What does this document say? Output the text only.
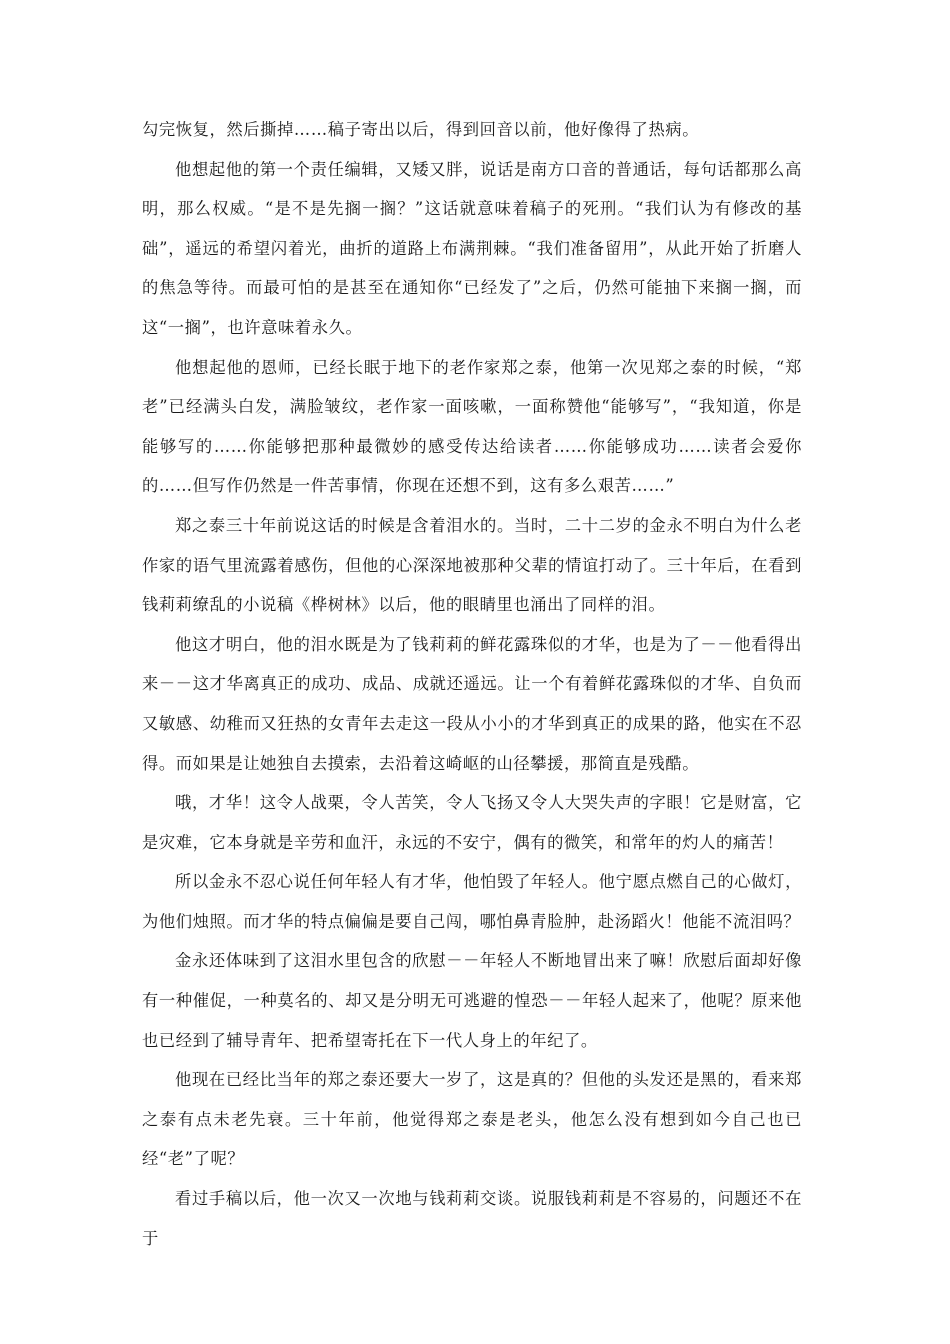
勾完恢复，然后撕掉……稿子寄出以后，得到回音以前，他好像得了热病。

他想起他的第一个责任编辑，又矮又胖，说话是南方口音的普通话，每句话都那么高明，那么权威。“是不是先搁一搁？”这话就意味着稿子的死刑。“我们认为有修改的基础”，遥远的希望闪着光，曲折的道路上布满荆棘。“我们准备留用”，从此开始了折磨人的焦急等待。而最可怕的是甚至在通知你“已经发了”之后，仍然可能抽下来搁一搁，而这“一搁”，也许意味着永久。

他想起他的恩师，已经长眠于地下的老作家郑之泰，他第一次见郑之泰的时候，“郑老”已经满头白发，满脸皱纹，老作家一面咳嗽，一面称赞他“能够写”，“我知道，你是能够写的……你能够把那种最微妙的感受传达给读者……你能够成功……读者会爱你的……但写作仍然是一件苦事情，你现在还想不到，这有多么艰苦……”

郑之泰三十年前说这话的时候是含着泪水的。当时，二十二岁的金永不明白为什么老作家的语气里流露着感伤，但他的心深深地被那种父辈的情谊打动了。三十年后，在看到钱莉莉缭乱的小说稿《桦树林》以后，他的眼睛里也涌出了同样的泪。

他这才明白，他的泪水既是为了钱莉莉的鲜花露珠似的才华，也是为了－－他看得出来－－这才华离真正的成功、成品、成就还遥远。让一个有着鲜花露珠似的才华、自负而又敏感、幼稚而又狂热的女青年去走这一段从小小的才华到真正的成果的路，他实在不忍得。而如果是让她独自去摸索，去沿着这崎岖的山径攀援，那简直是残酷。

哦，才华！这令人战栗，令人苦笑，令人飞扬又令人大哭失声的字眼！它是财富，它是灾难，它本身就是辛劳和血汗，永远的不安宁，偶有的微笑，和常年的灼人的痛苦！

所以金永不忍心说任何年轻人有才华，他怕毁了年轻人。他宁愿点燃自己的心做灯，为他们烛照。而才华的特点偏偏是要自己闯，哪怕鼻青脸肿，赴汤蹈火！他能不流泪吗？

金永还体味到了这泪水里包含的欣慰－－年轻人不断地冒出来了嘛！欣慰后面却好像有一种催促，一种莫名的、却又是分明无可逃避的惶恐－－年轻人起来了，他呢？原来他也已经到了辅导青年、把希望寄托在下一代人身上的年纪了。

他现在已经比当年的郑之泰还要大一岁了，这是真的？但他的头发还是黑的，看来郑之泰有点未老先衰。三十年前，他觉得郑之泰是老头，他怎么没有想到如今自己也已经“老”了呢？

看过手稿以后，他一次又一次地与钱莉莉交谈。说服钱莉莉是不容易的，问题还不在于
